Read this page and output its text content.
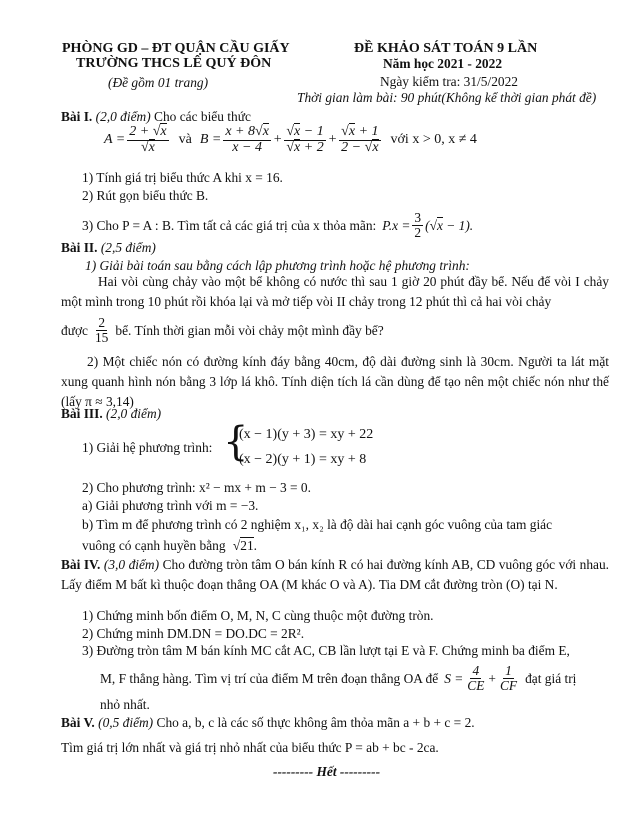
PHÒNG GD – ĐT QUẬN CẦU GIẤY
TRƯỜNG THCS LÊ QUÝ ĐÔN
(Đề gồm 01 trang)
ĐỀ KHẢO SÁT TOÁN 9 LẦN
Năm học 2021 - 2022
Ngày kiểm tra: 31/5/2022
Thời gian làm bài: 90 phút(Không kể thời gian phát đề)
Bài I. (2,0 điểm) Cho các biểu thức
$A = \frac{2 + √x}{√x}$ và $B = \frac{x + 8√x}{x - 4} + \frac{√x - 1}{√x + 2} + \frac{√x + 1}{2 - √x}$ với x > 0, x ≠ 4
1) Tính giá trị biểu thức A khi x = 16.
2) Rút gọn biểu thức B.
3) Cho P = A : B. Tìm tất cả các giá trị của x thỏa mãn: $P.x = \frac{3}{2} (√x - 1)$.
Bài II. (2,5 điểm)
1) Giải bài toán sau bằng cách lập phương trình hoặc hệ phương trình:
Hai vòi cùng chảy vào một bể không có nước thì sau 1 giờ 20 phút đầy bể. Nếu để vòi I chảy một mình trong 10 phút rồi khóa lại và mở tiếp vòi II chảy trong 12 phút thì cả hai vòi chảy
được $\frac{2}{15}$ bể. Tính thời gian mỗi vòi chảy một mình đầy bể?
2) Một chiếc nón có đường kính đáy bằng 40cm, độ dài đường sinh là 30cm. Người ta lát mặt xung quanh hình nón bằng 3 lớp lá khô. Tính diện tích lá cần dùng để tạo nên một chiếc nón như thế (lấy π ≈ 3,14)
Bài III. (2,0 điểm)
1) Giải hệ phương trình: {
(x − 1)(y + 3) = xy + 22
(x − 2)(y + 1) = xy + 8
2) Cho phương trình: x² − mx + m − 3 = 0.
a) Giải phương trình với m = −3.
b) Tìm m để phương trình có 2 nghiệm x₁, x₂ là độ dài hai cạnh góc vuông của tam giác
vuông có cạnh huyền bằng √21.
Bài IV. (3,0 điểm) Cho đường tròn tâm O bán kính R có hai đường kính AB, CD vuông góc với nhau. Lấy điểm M bất kì thuộc đoạn thẳng OA (M khác O và A). Tia DM cắt đường tròn (O) tại N.
1) Chứng minh bốn điểm O, M, N, C cùng thuộc một đường tròn.
2) Chứng minh DM.DN = DO.DC = 2R².
3) Đường tròn tâm M bán kính MC cắt AC, CB lần lượt tại E và F. Chứng minh ba điểm E,
M, F thẳng hàng. Tìm vị trí của điểm M trên đoạn thẳng OA để $S = \frac{4}{CE} + \frac{1}{CF}$ đạt giá trị
nhỏ nhất.
Bài V. (0,5 điểm) Cho a, b, c là các số thực không âm thỏa mãn a + b + c = 2.
Tìm giá trị lớn nhất và giá trị nhỏ nhất của biểu thức P = ab + bc - 2ca.
--------- Hết ---------
